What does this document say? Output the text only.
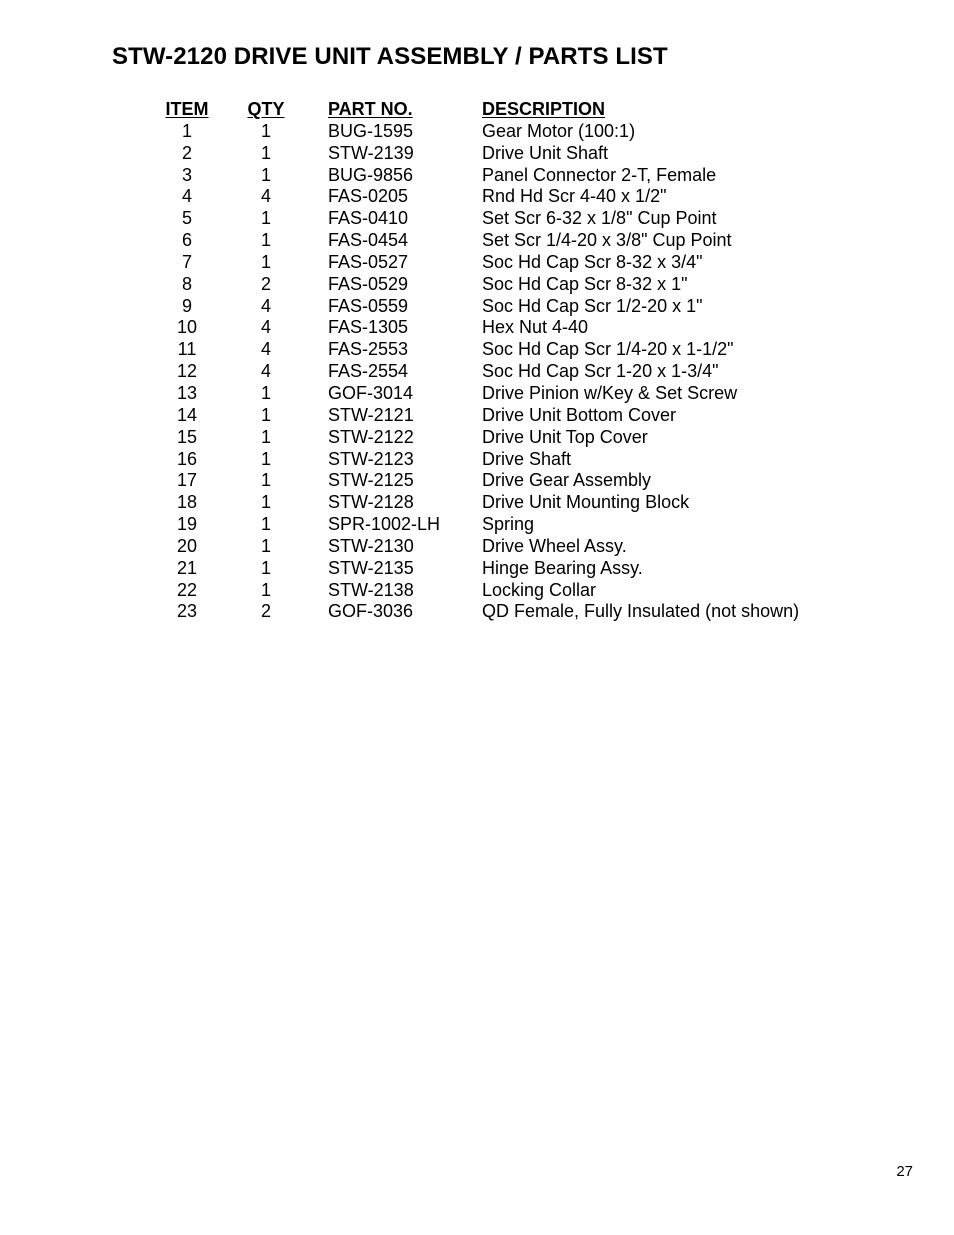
STW-2120 DRIVE UNIT ASSEMBLY / PARTS LIST
ITEM	QTY	PART NO.	DESCRIPTION
1	1	BUG-1595	Gear Motor (100:1)
2	1	STW-2139	Drive Unit Shaft
3	1	BUG-9856	Panel Connector 2-T, Female
4	4	FAS-0205	Rnd Hd Scr 4-40 x 1/2"
5	1	FAS-0410	Set Scr 6-32 x 1/8" Cup Point
6	1	FAS-0454	Set Scr 1/4-20 x 3/8" Cup Point
7	1	FAS-0527	Soc Hd Cap Scr 8-32 x 3/4"
8	2	FAS-0529	Soc Hd Cap Scr 8-32 x 1"
9	4	FAS-0559	Soc Hd Cap Scr 1/2-20 x 1"
10	4	FAS-1305	Hex Nut 4-40
11	4	FAS-2553	Soc Hd Cap Scr 1/4-20 x 1-1/2"
12	4	FAS-2554	Soc Hd Cap Scr 1-20 x 1-3/4"
13	1	GOF-3014	Drive Pinion w/Key & Set Screw
14	1	STW-2121	Drive Unit Bottom Cover
15	1	STW-2122	Drive Unit Top Cover
16	1	STW-2123	Drive Shaft
17	1	STW-2125	Drive Gear Assembly
18	1	STW-2128	Drive Unit Mounting Block
19	1	SPR-1002-LH Spring
20	1	STW-2130	Drive Wheel Assy.
21	1	STW-2135	Hinge Bearing Assy.
22	1	STW-2138	Locking Collar
23	2	GOF-3036	QD Female, Fully Insulated (not shown)
27
